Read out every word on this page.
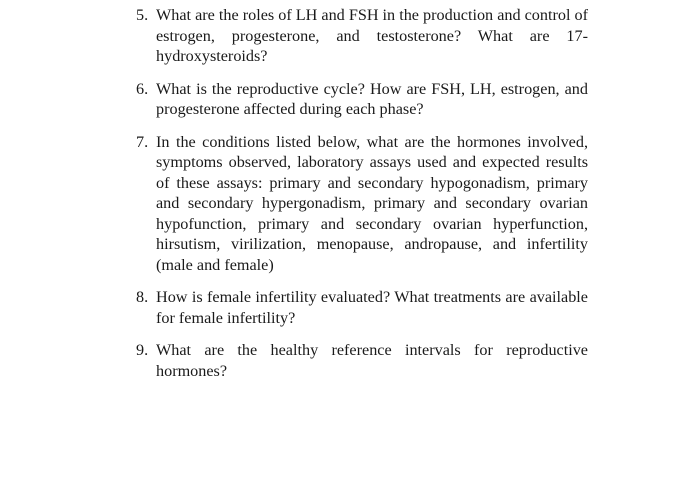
5. What are the roles of LH and FSH in the production and control of estrogen, progesterone, and testosterone? What are 17-hydroxysteroids?
6. What is the reproductive cycle? How are FSH, LH, estrogen, and progesterone affected during each phase?
7. In the conditions listed below, what are the hormones involved, symptoms observed, laboratory assays used and expected results of these assays: primary and secondary hypogonadism, primary and secondary hypergonadism, primary and secondary ovarian hypofunction, primary and secondary ovarian hyperfunction, hirsutism, virilization, menopause, andropause, and infertility (male and female)
8. How is female infertility evaluated? What treatments are available for female infertility?
9. What are the healthy reference intervals for reproductive hormones?
